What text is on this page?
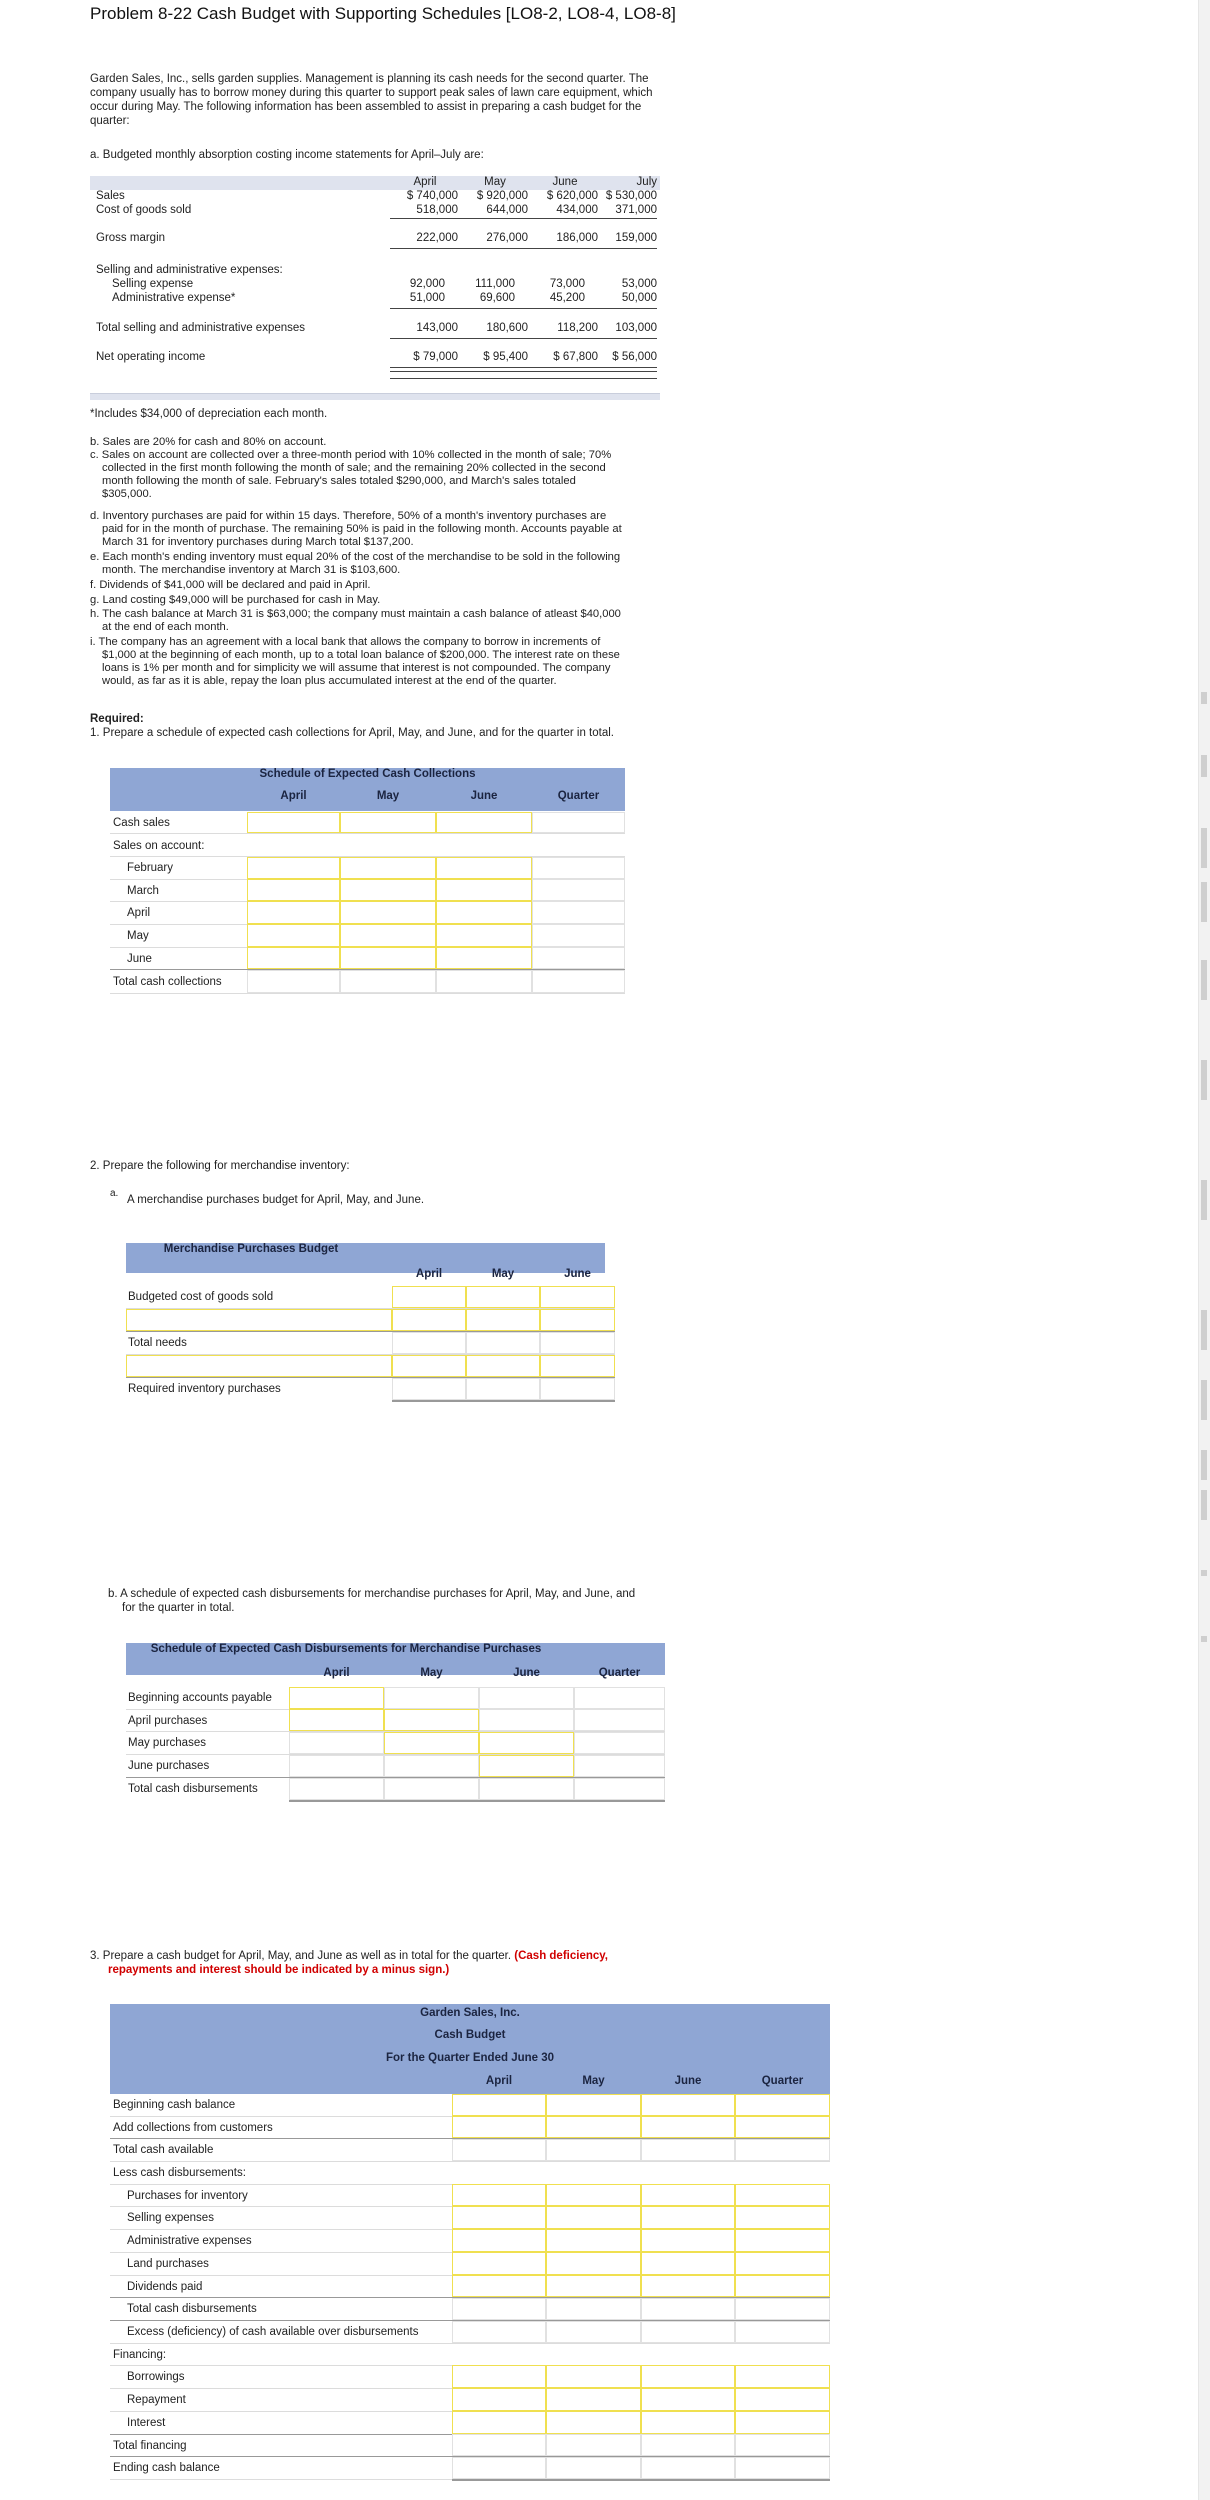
Problem 8-22 Cash Budget with Supporting Schedules [LO8-2, LO8-4, LO8-8]

Garden Sales, Inc., sells garden supplies. Management is planning its cash needs for the second quarter. The company usually has to borrow money during this quarter to support peak sales of lawn care equipment, which occur during May. The following information has been assembled to assist in preparing a cash budget for the quarter:

a. Budgeted monthly absorption costing income statements for April–July are:

April	May	June	July
Sales	$ 740,000	$ 920,000	$ 620,000 $ 530,000
Cost of goods sold	518,000	644,000	434,000	371,000
Gross margin	222,000	276,000	186,000	159,000
Selling and administrative expenses:
Selling expense	92,000	111,000	73,000	53,000
Administrative expense*	51,000	69,600	45,200	50,000
Total selling and administrative expenses	143,000	180,600	118,200	103,000
Net operating income	$ 79,000	$ 95,400	$ 67,800	$ 56,000

*Includes $34,000 of depreciation each month.

b. Sales are 20% for cash and 80% on account.

c. Sales on account are collected over a three-month period with 10% collected in the month of sale; 70%

collected in the first month following the month of sale; and the remaining 20% collected in the second

month following the month of sale. February's sales totaled $290,000, and March's sales totaled

$305,000.

d. Inventory purchases are paid for within 15 days. Therefore, 50% of a month's inventory purchases are

paid for in the month of purchase. The remaining 50% is paid in the following month. Accounts payable at

March 31 for inventory purchases during March total $137,200.

e. Each month's ending inventory must equal 20% of the cost of the merchandise to be sold in the following

month. The merchandise inventory at March 31 is $103,600.

f. Dividends of $41,000 will be declared and paid in April.

g. Land costing $49,000 will be purchased for cash in May.

h. The cash balance at March 31 is $63,000; the company must maintain a cash balance of atleast $40,000

at the end of each month.

i. The company has an agreement with a local bank that allows the company to borrow in increments of

$1,000 at the beginning of each month, up to a total loan balance of $200,000. The interest rate on these

loans is 1% per month and for simplicity we will assume that interest is not compounded. The company

would, as far as it is able, repay the loan plus accumulated interest at the end of the quarter.

Required:

1. Prepare a schedule of expected cash collections for April, May, and June, and for the quarter in total.

Schedule of Expected Cash Collections
April	May	June	Quarter
Cash sales
Sales on account:
February
March
April
May
June
Total cash collections

2. Prepare the following for merchandise inventory:

a.

A merchandise purchases budget for April, May, and June.

Merchandise Purchases Budget
April	May	June
Budgeted cost of goods sold
Total needs
Required inventory purchases

b. A schedule of expected cash disbursements for merchandise purchases for April, May, and June, and

for the quarter in total.

Schedule of Expected Cash Disbursements for Merchandise Purchases
April	May	June	Quarter
Beginning accounts payable
April purchases
May purchases
June purchases
Total cash disbursements

3. Prepare a cash budget for April, May, and June as well as in total for the quarter. (Cash deficiency,

repayments and interest should be indicated by a minus sign.)

Garden Sales, Inc.
Cash Budget
For the Quarter Ended June 30
April	May	June	Quarter
Beginning cash balance
Add collections from customers
Total cash available
Less cash disbursements:
Purchases for inventory
Selling expenses
Administrative expenses
Land purchases
Dividends paid
Total cash disbursements
Excess (deficiency) of cash available over disbursements
Financing:
Borrowings
Repayment
Interest
Total financing
Ending cash balance
